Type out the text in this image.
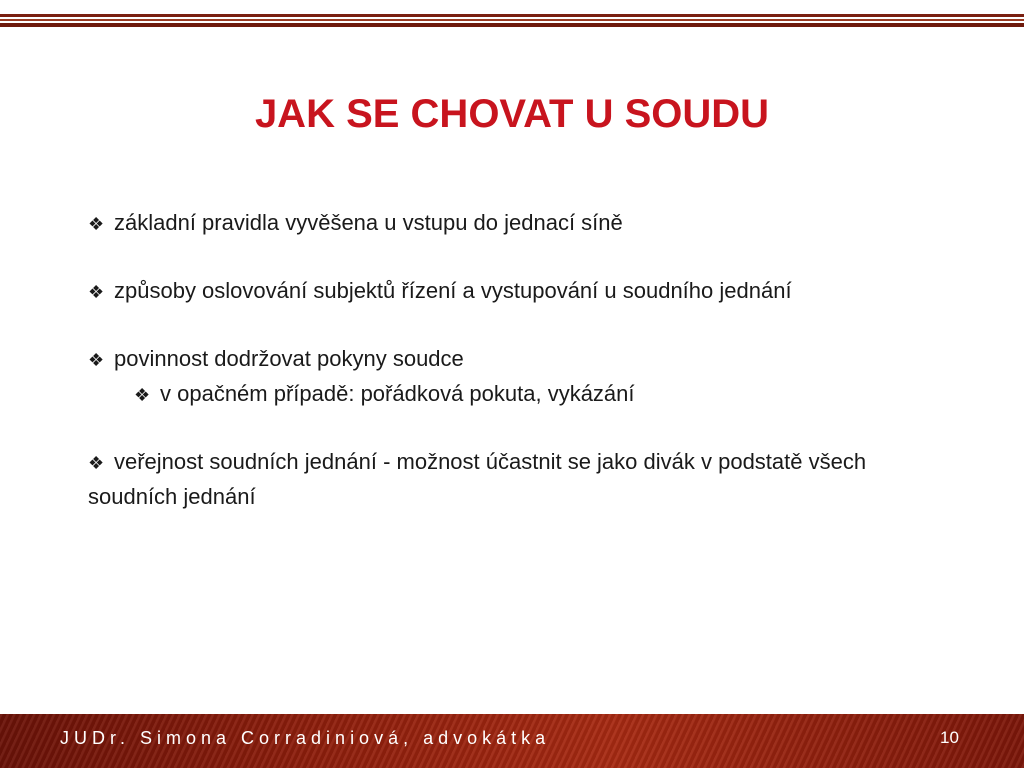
JAK SE CHOVAT U SOUDU

❖ základní pravidla vyvěšena u vstupu do jednací síně

❖ způsoby oslovování subjektů řízení a vystupování u soudního jednání

❖ povinnost dodržovat pokyny soudce

❖ v opačném případě: pořádková pokuta, vykázání

❖ veřejnost soudních jednání - možnost účastnit se jako divák v podstatě všech soudních jednání

JUDr. Simona Corradiniová, advokátka	10
